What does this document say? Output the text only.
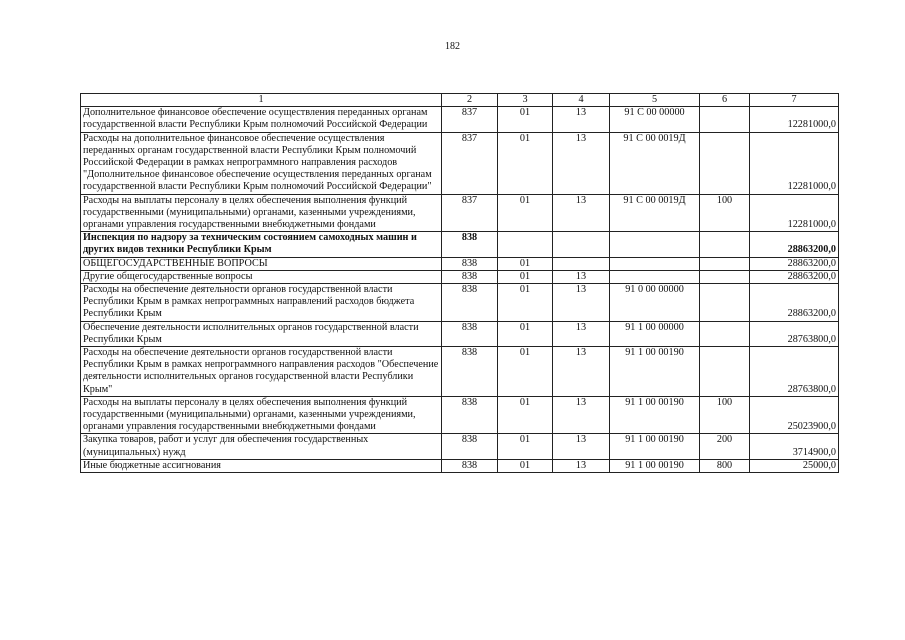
182
1	2	3	4	5	6	7
Дополнительное финансовое обеспечение осуществления переданных органам государственной власти Республики Крым полномочий Российской Федерации	837	01	13	91 С 00 00000		12281000,0
Расходы на дополнительное финансовое обеспечение осуществления переданных органам государственной власти Республики Крым полномочий Российской Федерации в рамках непрограммного направления расходов "Дополнительное финансовое обеспечение осуществления переданных органам государственной власти Республики Крым полномочий Российской Федерации"	837	01	13	91 С 00 0019Д		12281000,0
Расходы на выплаты персоналу в целях обеспечения выполнения функций государственными (муниципальными) органами, казенными учреждениями, органами управления государственными внебюджетными фондами	837	01	13	91 С 00 0019Д	100	12281000,0
Инспекция по надзору за техническим состоянием самоходных машин и других видов техники Республики Крым	838					28863200,0
ОБЩЕГОСУДАРСТВЕННЫЕ ВОПРОСЫ	838	01				28863200,0
Другие общегосударственные вопросы	838	01	13			28863200,0
Расходы на обеспечение деятельности органов государственной власти Республики Крым в рамках непрограммных направлений расходов бюджета Республики Крым	838	01	13	91 0 00 00000		28863200,0
Обеспечение деятельности исполнительных органов государственной власти Республики Крым	838	01	13	91 1 00 00000		28763800,0
Расходы на обеспечение деятельности органов государственной власти Республики Крым в рамках непрограммного направления расходов "Обеспечение деятельности исполнительных органов государственной власти Республики Крым"	838	01	13	91 1 00 00190		28763800,0
Расходы на выплаты персоналу в целях обеспечения выполнения функций государственными (муниципальными) органами, казенными учреждениями, органами управления государственными внебюджетными фондами	838	01	13	91 1 00 00190	100	25023900,0
Закупка товаров, работ и услуг для обеспечения государственных (муниципальных) нужд	838	01	13	91 1 00 00190	200	3714900,0
Иные бюджетные ассигнования	838	01	13	91 1 00 00190	800	25000,0
